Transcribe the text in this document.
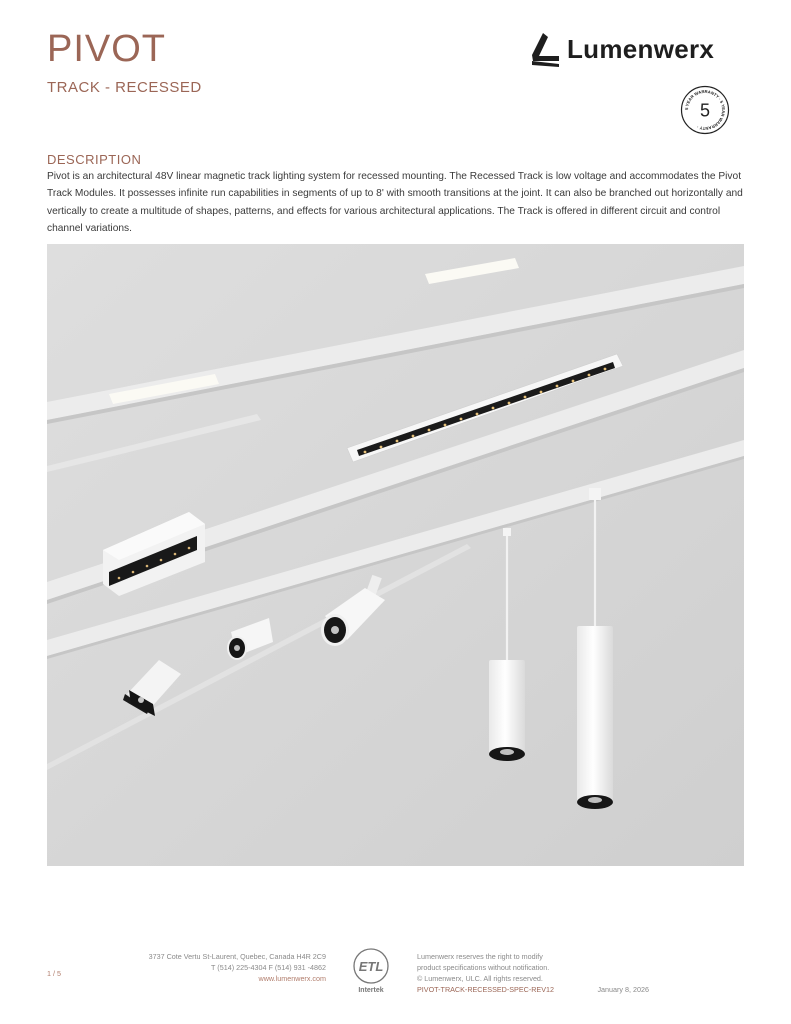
PIVOT
TRACK - RECESSED
Lumenwerx
5 YEAR WARRANTY · 5 YEAR WARRANTY ·
5
DESCRIPTION
Pivot is an architectural 48V linear magnetic track lighting system for recessed mounting. The Recessed Track is low voltage and accommodates the Pivot Track Modules. It possesses infinite run capabilities in segments of up to 8' with smooth transitions at the joint. It can also be branched out horizontally and vertically to create a multitude of shapes, patterns, and effects for various architectural applications. The Track is offered in different circuit and control channel variations.
1 / 5
3737 Cote Vertu St-Laurent, Quebec, Canada H4R 2C9
T (514) 225-4304 F (514) 931 -4862
www.lumenwerx.com
ETL
Intertek
Lumenwerx reserves the right to modify
product specifications without notification.
© Lumenwerx, ULC. All rights reserved.
PIVOT-TRACK-RECESSED-SPEC-REV12	January 8, 2026
